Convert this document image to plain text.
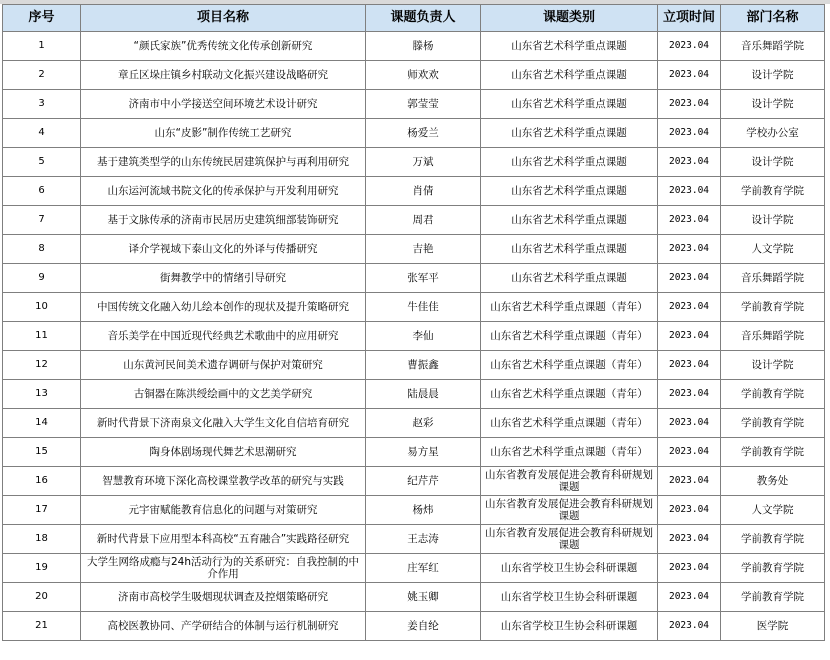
序号	项目名称	课题负责人	课题类别	立项时间	部门名称
1	“颜氏家族”优秀传统文化传承创新研究	滕杨	山东省艺术科学重点课题	2023.04	音乐舞蹈学院
2	章丘区垛庄镇乡村联动文化振兴建设战略研究	师欢欢	山东省艺术科学重点课题	2023.04	设计学院
3	济南市中小学接送空间环境艺术设计研究	郭莹莹	山东省艺术科学重点课题	2023.04	设计学院
4	山东“皮影”制作传统工艺研究	杨爱兰	山东省艺术科学重点课题	2023.04	学校办公室
5	基于建筑类型学的山东传统民居建筑保护与再利用研究	万斌	山东省艺术科学重点课题	2023.04	设计学院
6	山东运河流域书院文化的传承保护与开发利用研究	肖倩	山东省艺术科学重点课题	2023.04	学前教育学院
7	基于文脉传承的济南市民居历史建筑细部装饰研究	周君	山东省艺术科学重点课题	2023.04	设计学院
8	译介学视域下泰山文化的外译与传播研究	吉艳	山东省艺术科学重点课题	2023.04	人文学院
9	街舞教学中的情绪引导研究	张军平	山东省艺术科学重点课题	2023.04	音乐舞蹈学院
10	中国传统文化融入幼儿绘本创作的现状及提升策略研究	牛佳佳	山东省艺术科学重点课题（青年）	2023.04	学前教育学院
11	音乐美学在中国近现代经典艺术歌曲中的应用研究	李仙	山东省艺术科学重点课题（青年）	2023.04	音乐舞蹈学院
12	山东黄河民间美术遗存调研与保护对策研究	曹振鑫	山东省艺术科学重点课题（青年）	2023.04	设计学院
13	古铜器在陈洪绶绘画中的文艺美学研究	陆晨晨	山东省艺术科学重点课题（青年）	2023.04	学前教育学院
14	新时代背景下济南泉文化融入大学生文化自信培育研究	赵彩	山东省艺术科学重点课题（青年）	2023.04	学前教育学院
15	陶身体剧场现代舞艺术思潮研究	易方星	山东省艺术科学重点课题（青年）	2023.04	学前教育学院
16	智慧教育环境下深化高校课堂教学改革的研究与实践	纪芹芹	山东省教育发展促进会教育科研规划课题	2023.04	教务处
17	元宇宙赋能教育信息化的问题与对策研究	杨炜	山东省教育发展促进会教育科研规划课题	2023.04	人文学院
18	新时代背景下应用型本科高校“五育融合”实践路径研究	王志涛	山东省教育发展促进会教育科研规划课题	2023.04	学前教育学院
19	大学生网络成瘾与24h活动行为的关系研究：自我控制的中介作用	庄军红	山东省学校卫生协会科研课题	2023.04	学前教育学院
20	济南市高校学生吸烟现状调查及控烟策略研究	姚玉卿	山东省学校卫生协会科研课题	2023.04	学前教育学院
21	高校医教协同、产学研结合的体制与运行机制研究	姜自纶	山东省学校卫生协会科研课题	2023.04	医学院
